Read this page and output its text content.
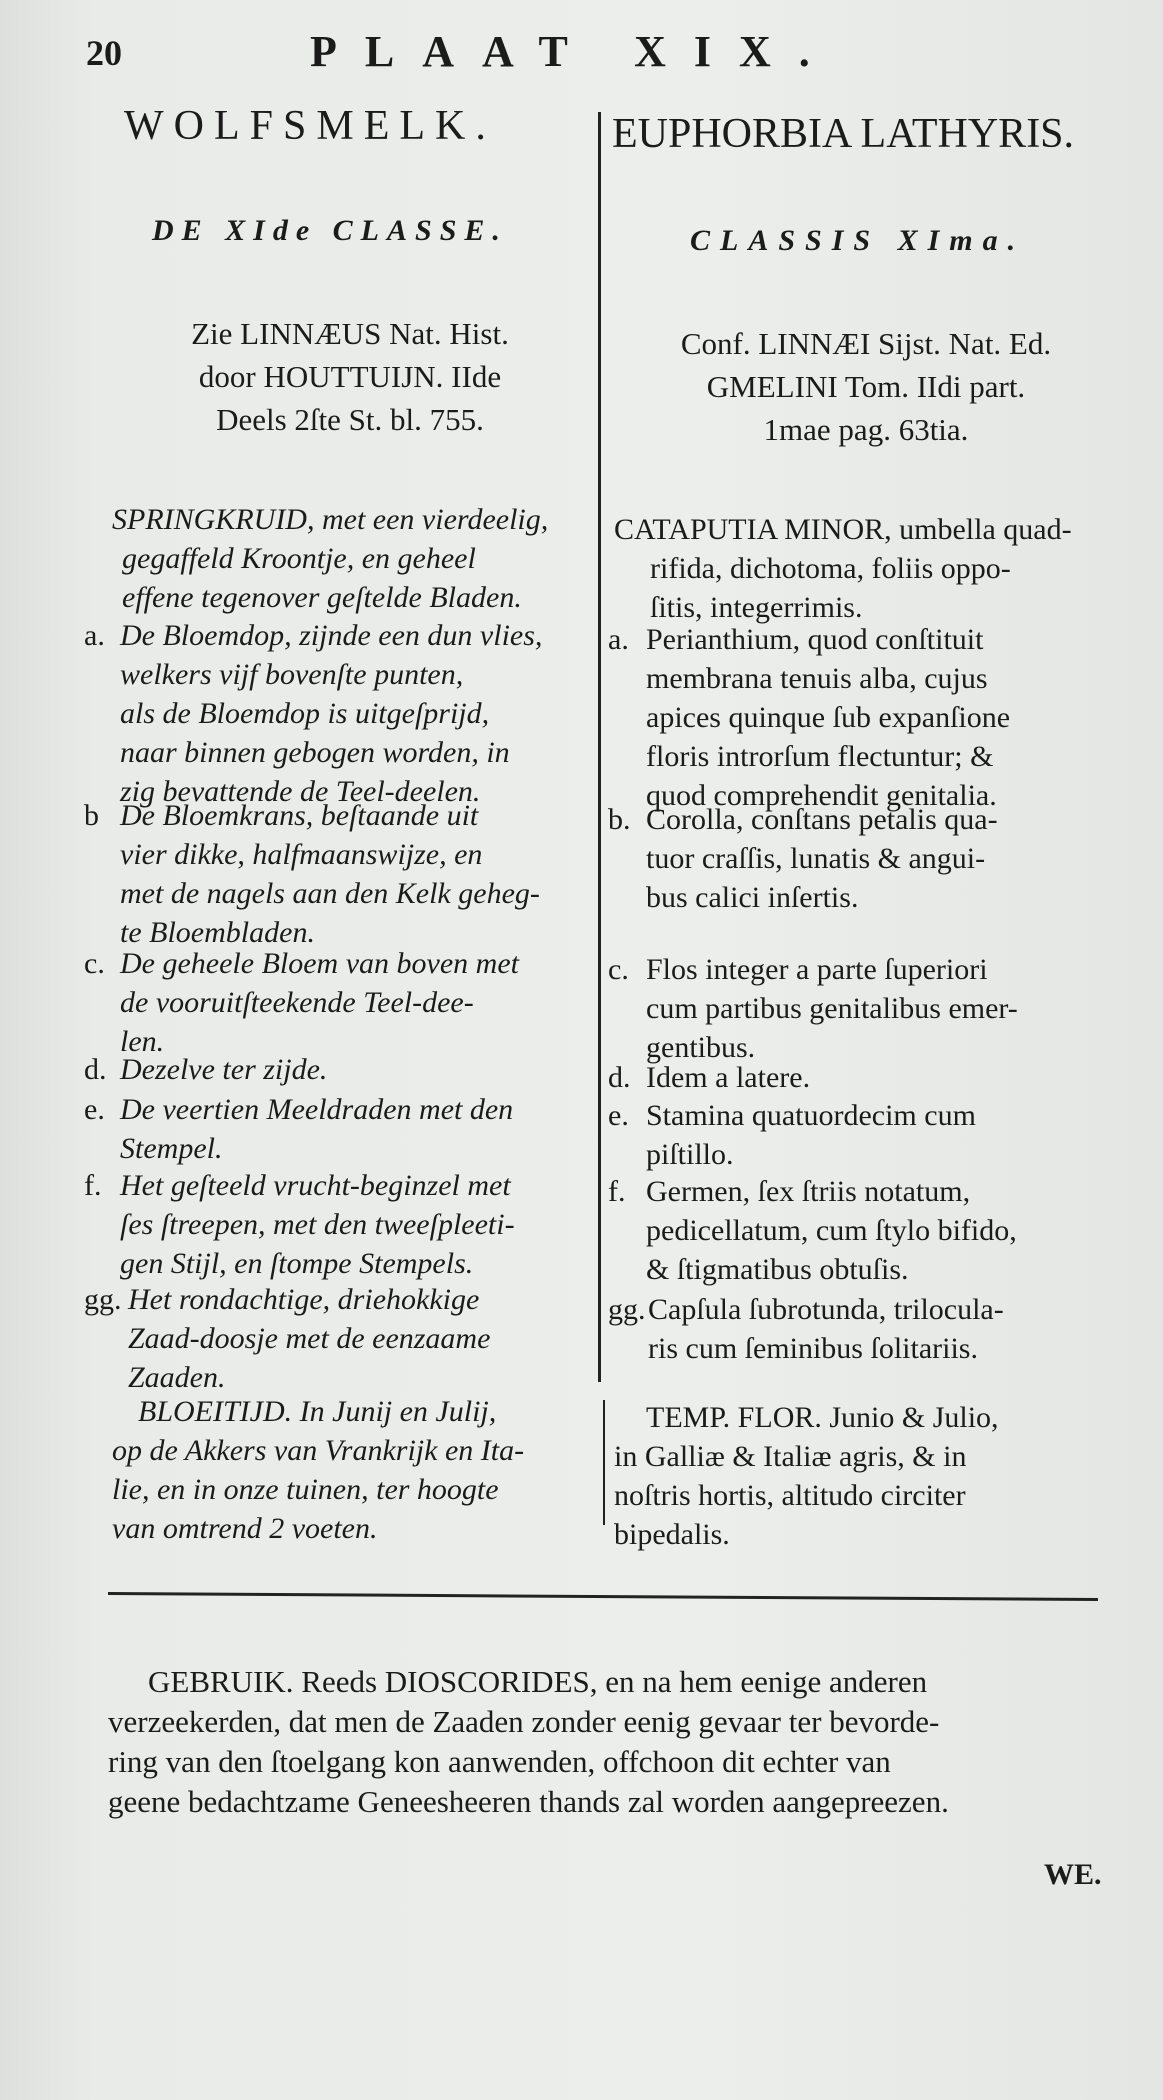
20	PLAAT XIX.
WOLFSMELK.
DE XIde CLASSE.
Zie LINNÆUS Nat. Hist.
door HOUTTUIJN. IIde
Deels 2ſte St. bl. 755.
SPRINGKRUID, met een vierdeelig,
gegaffeld Kroontje, en geheel
effene tegenover geſtelde Bladen.
a. De Bloemdop, zijnde een dun vlies,
welkers vijf bovenſte punten,
als de Bloemdop is uitgeſprijd,
naar binnen gebogen worden, in
zig bevattende de Teel-deelen.
b De Bloemkrans, beſtaande uit
vier dikke, halfmaanswijze, en
met de nagels aan den Kelk geheg-
te Bloembladen.
c. De geheele Bloem van boven met
de vooruitſteekende Teel-dee-
len.
d. Dezelve ter zijde.
e. De veertien Meeldraden met den
Stempel.
f. Het geſteeld vrucht-beginzel met
ſes ſtreepen, met den tweeſpleeti-
gen Stijl, en ſtompe Stempels.
gg. Het rondachtige, driehokkige
Zaad-doosje met de eenzaame
Zaaden.
BLOEITIJD. In Junij en Julij,
op de Akkers van Vrankrijk en Ita-
lie, en in onze tuinen, ter hoogte
van omtrend 2 voeten.
EUPHORBIA LATHYRIS.
CLASSIS XIma.
Conf. LINNÆI Sijst. Nat. Ed.
GMELINI Tom. IIdi part.
1mae pag. 63tia.
CATAPUTIA MINOR, umbella quad-
rifida, dichotoma, foliis oppo-
ſitis, integerrimis.
a. Perianthium, quod conſtituit
membrana tenuis alba, cujus
apices quinque ſub expanſione
floris introrſum flectuntur; &
quod comprehendit genitalia.
b. Corolla, conſtans petalis qua-
tuor craſſis, lunatis & angui-
bus calici inſertis.
c. Flos integer a parte ſuperiori
cum partibus genitalibus emer-
gentibus.
d. Idem a latere.
e. Stamina quatuordecim cum
piſtillo.
f. Germen, ſex ſtriis notatum,
pedicellatum, cum ſtylo bifido,
& ſtigmatibus obtuſis.
gg. Capſula ſubrotunda, trilocula-
ris cum ſeminibus ſolitariis.
TEMP. FLOR. Junio & Julio,
in Galliæ & Italiæ agris, & in
noſtris hortis, altitudo circiter
bipedalis.
GEBRUIK. Reeds DIOSCORIDES, en na hem eenige anderen
verzeekerden, dat men de Zaaden zonder eenig gevaar ter bevorde-
ring van den ſtoelgang kon aanwenden, offchoon dit echter van
geene bedachtzame Geneesheeren thands zal worden aangepreezen.
WE.
